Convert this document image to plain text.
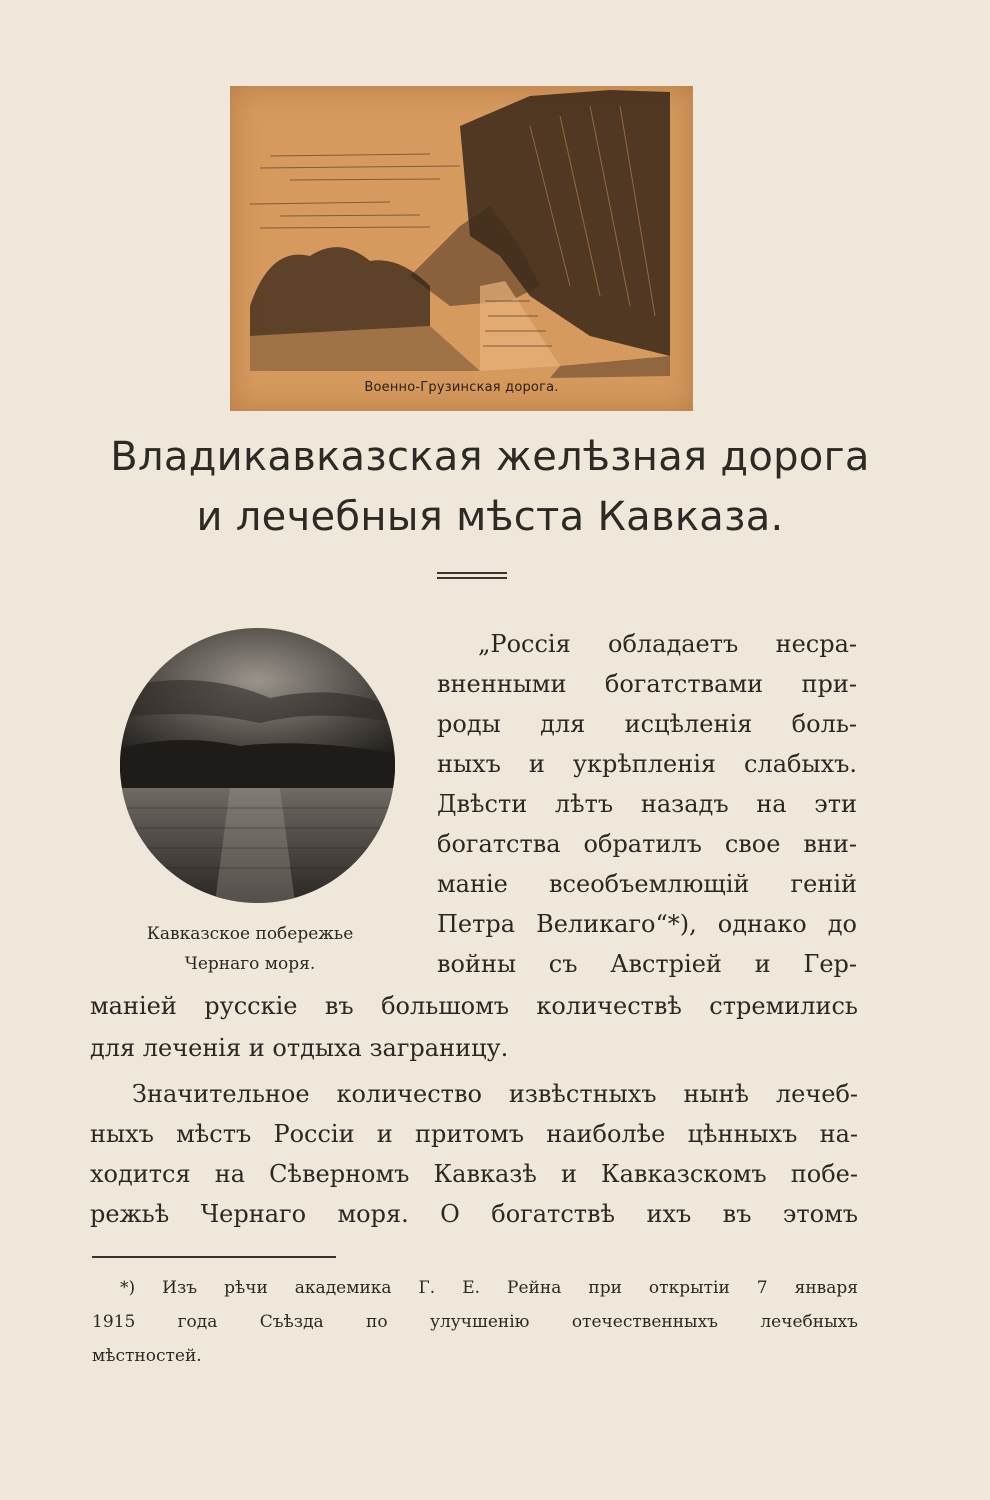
Военно-Грузинская дорога.
Владикавказская желѣзная дорога
и лечебныя мѣста Кавказа.
Кавказское побережье
Чернаго моря.
„Россія обладаетъ несра-
вненными богатствами при-
роды для исцѣленія боль-
ныхъ и укрѣпленія слабыхъ.
Двѣсти лѣтъ назадъ на эти
богатства обратилъ свое вни-
маніе всеобъемлющій геній
Петра Великаго“*), однако до
войны съ Австріей и Гер-
маніей русскіе въ большомъ количествѣ стремились
для леченія и отдыха заграницу.
Значительное количество извѣстныхъ нынѣ лечеб-
ныхъ мѣстъ Россіи и притомъ наиболѣе цѣнныхъ на-
ходится на Сѣверномъ Кавказѣ и Кавказскомъ побе-
режьѣ Чернаго моря. О богатствѣ ихъ въ этомъ
*) Изъ рѣчи академика Г. Е. Рейна при открытіи 7 января
1915 года Съѣзда по улучшенію отечественныхъ лечебныхъ
мѣстностей.
